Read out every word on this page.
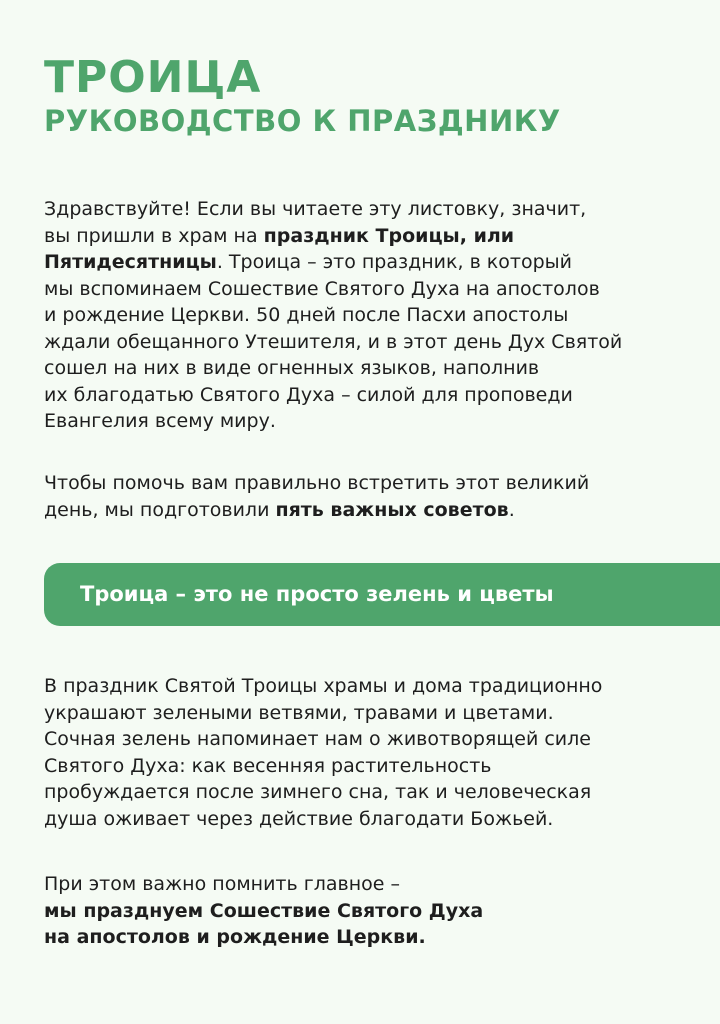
ТРОИЦА
РУКОВОДСТВО К ПРАЗДНИКУ

Здравствуйте! Если вы читаете эту листовку, значит,
вы пришли в храм на праздник Троицы, или
Пятидесятницы. Троица – это праздник, в который
мы вспоминаем Сошествие Святого Духа на апостолов
и рождение Церкви. 50 дней после Пасхи апостолы
ждали обещанного Утешителя, и в этот день Дух Святой
сошел на них в виде огненных языков, наполнив
их благодатью Святого Духа – силой для проповеди
Евангелия всему миру.

Чтобы помочь вам правильно встретить этот великий
день, мы подготовили пять важных советов.

Троица – это не просто зелень и цветы

В праздник Святой Троицы храмы и дома традиционно
украшают зелеными ветвями, травами и цветами.
Сочная зелень напоминает нам о животворящей силе
Святого Духа: как весенняя растительность
пробуждается после зимнего сна, так и человеческая
душа оживает через действие благодати Божьей.

При этом важно помнить главное –
мы празднуем Сошествие Святого Духа
на апостолов и рождение Церкви.
